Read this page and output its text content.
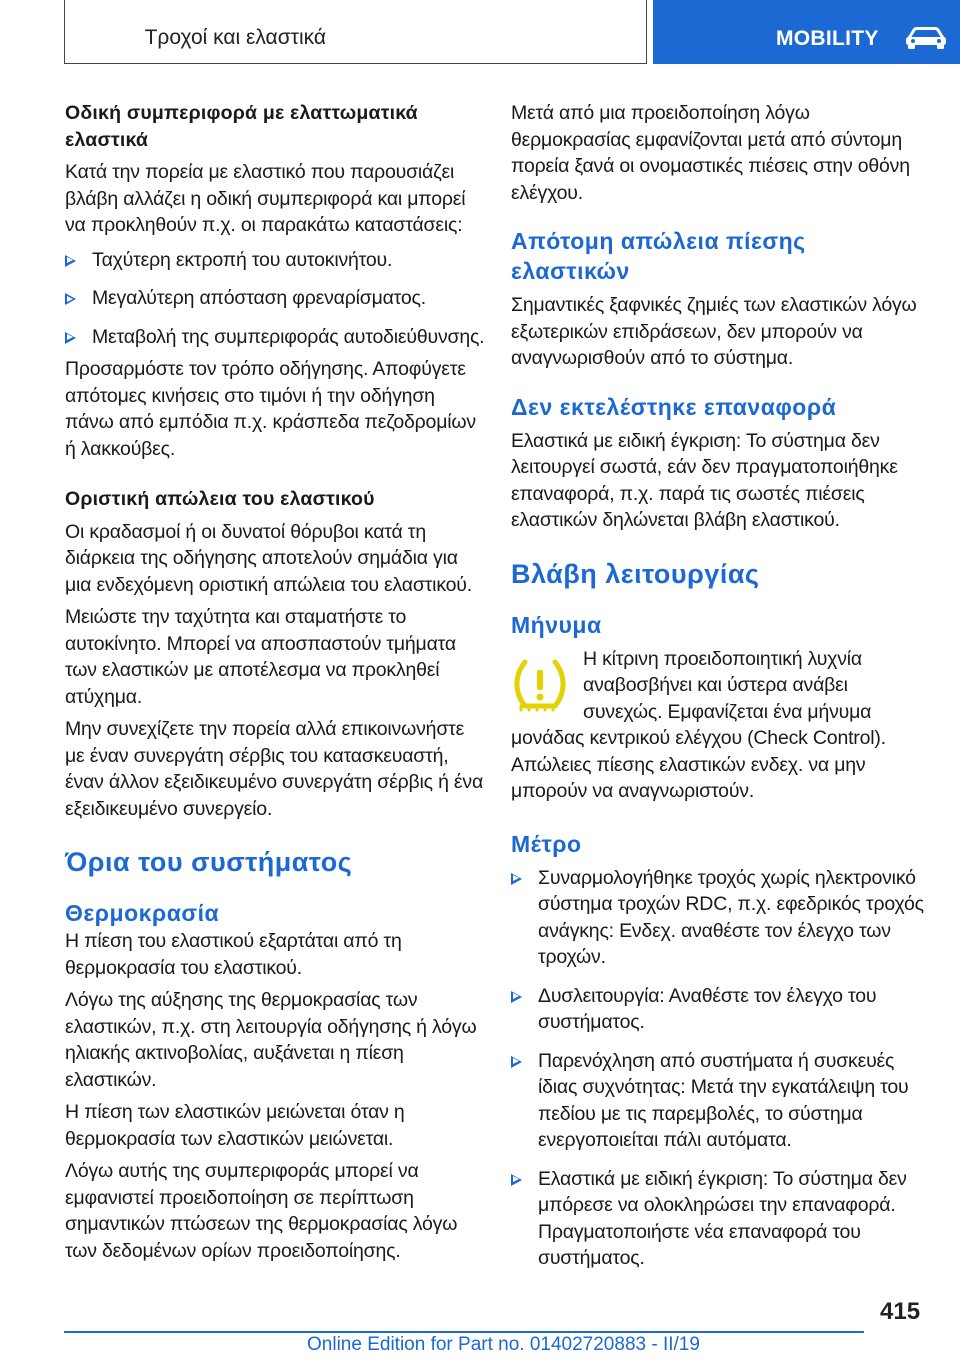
Τροχοί και ελαστικά	MOBILITY
Οδική συμπεριφορά με ελαττωματικά ελαστικά

Κατά την πορεία με ελαστικό που παρουσιάζει βλάβη αλλάζει η οδική συμπεριφορά και μπορεί να προκληθούν π.χ. οι παρακάτω καταστάσεις:

Ταχύτερη εκτροπή του αυτοκινήτου.
Μεγαλύτερη απόσταση φρεναρίσματος.
Μεταβολή της συμπεριφοράς αυτοδιεύθυνσης.

Προσαρμόστε τον τρόπο οδήγησης. Αποφύγετε απότομες κινήσεις στο τιμόνι ή την οδήγηση πάνω από εμπόδια π.χ. κράσπεδα πεζοδρομίων ή λακκούβες.

Οριστική απώλεια του ελαστικού

Οι κραδασμοί ή οι δυνατοί θόρυβοι κατά τη διάρκεια της οδήγησης αποτελούν σημάδια για μια ενδεχόμενη οριστική απώλεια του ελαστικού.

Μειώστε την ταχύτητα και σταματήστε το αυτοκίνητο. Μπορεί να αποσπαστούν τμήματα των ελαστικών με αποτέλεσμα να προκληθεί ατύχημα.

Μην συνεχίζετε την πορεία αλλά επικοινωνήστε με έναν συνεργάτη σέρβις του κατασκευαστή, έναν άλλον εξειδικευμένο συνεργάτη σέρβις ή ένα εξειδικευμένο συνεργείο.

Όρια του συστήματος
Θερμοκρασία

Η πίεση του ελαστικού εξαρτάται από τη θερμοκρασία του ελαστικού.

Λόγω της αύξησης της θερμοκρασίας των ελαστικών, π.χ. στη λειτουργία οδήγησης ή λόγω ηλιακής ακτινοβολίας, αυξάνεται η πίεση ελαστικών.

Η πίεση των ελαστικών μειώνεται όταν η θερμοκρασία των ελαστικών μειώνεται.

Λόγω αυτής της συμπεριφοράς μπορεί να εμφανιστεί προειδοποίηση σε περίπτωση σημαντικών πτώσεων της θερμοκρασίας λόγω των δεδομένων ορίων προειδοποίησης.

Μετά από μια προειδοποίηση λόγω θερμοκρασίας εμφανίζονται μετά από σύντομη πορεία ξανά οι ονομαστικές πιέσεις στην οθόνη ελέγχου.

Απότομη απώλεια πίεσης ελαστικών

Σημαντικές ξαφνικές ζημιές των ελαστικών λόγω εξωτερικών επιδράσεων, δεν μπορούν να αναγνωρισθούν από το σύστημα.

Δεν εκτελέστηκε επαναφορά

Ελαστικά με ειδική έγκριση: Το σύστημα δεν λειτουργεί σωστά, εάν δεν πραγματοποιήθηκε επαναφορά, π.χ. παρά τις σωστές πιέσεις ελαστικών δηλώνεται βλάβη ελαστικού.

Βλάβη λειτουργίας
Μήνυμα

Η κίτρινη προειδοποιητική λυχνία αναβοσβήνει και ύστερα ανάβει συνεχώς. Εμφανίζεται ένα μήνυμα μονάδας κεντρικού ελέγχου (Check Control). Απώλειες πίεσης ελαστικών ενδεχ. να μην μπορούν να αναγνωριστούν.

Μέτρο
Συναρμολογήθηκε τροχός χωρίς ηλεκτρονικό σύστημα τροχών RDC, π.χ. εφεδρικός τροχός ανάγκης: Ενδεχ. αναθέστε τον έλεγχο των τροχών.
Δυσλειτουργία: Αναθέστε τον έλεγχο του συστήματος.
Παρενόχληση από συστήματα ή συσκευές ίδιας συχνότητας: Μετά την εγκατάλειψη του πεδίου με τις παρεμβολές, το σύστημα ενεργοποιείται πάλι αυτόματα.
Ελαστικά με ειδική έγκριση: Το σύστημα δεν μπόρεσε να ολοκληρώσει την επαναφορά. Πραγματοποιήστε νέα επαναφορά του συστήματος.
415
Online Edition for Part no. 01402720883 - II/19
